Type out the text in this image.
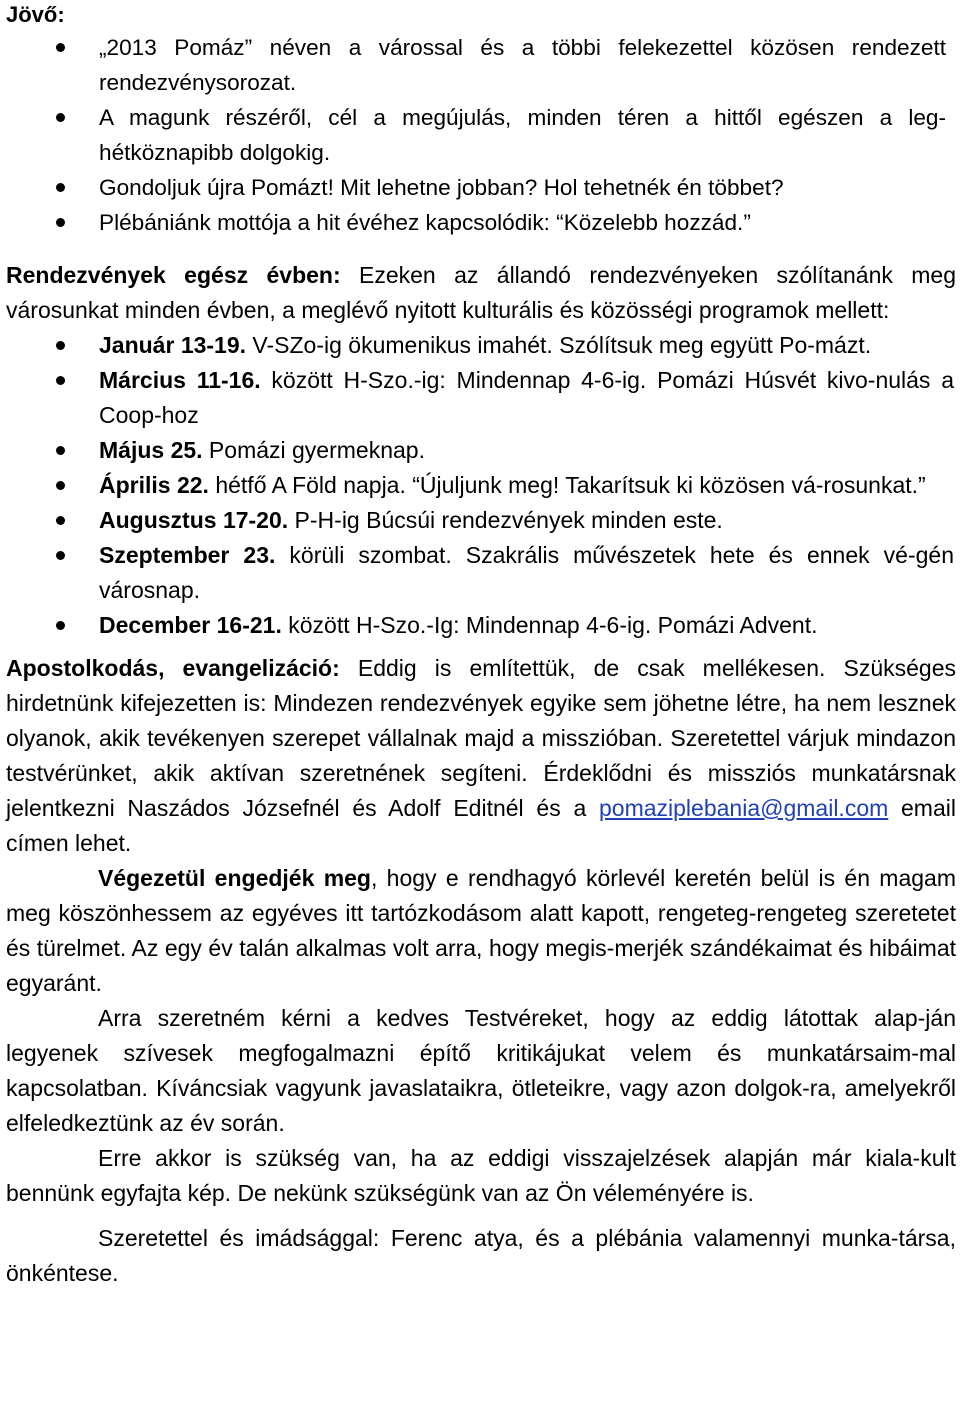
Jövő:
„2013 Pomáz” néven a várossal és a többi felekezettel közösen rendezett rendezvénysorozat.
A magunk részéről, cél a megújulás, minden téren a hittől egészen a leg-hétköznapibb dolgokig.
Gondoljuk újra Pomázt! Mit lehetne jobban? Hol tehetnék én többet?
Plébániánk mottója a hit évéhez kapcsolódik: “Közelebb hozzád.”

Rendezvények egész évben: Ezeken az állandó rendezvényeken szólítanánk meg városunkat minden évben, a meglévő nyitott kulturális és közösségi programok mellett:

Január 13-19. V-SZo-ig ökumenikus imahét. Szólítsuk meg együtt Po-mázt.
Március 11-16. között H-Szo.-ig: Mindennap 4-6-ig. Pomázi Húsvét kivo-nulás a Coop-hoz
Május 25. Pomázi gyermeknap.
Április 22. hétfő A Föld napja. “Újuljunk meg! Takarítsuk ki közösen vá-rosunkat.”
Augusztus 17-20. P-H-ig Búcsúi rendezvények minden este.
Szeptember 23. körüli szombat. Szakrális művészetek hete és ennek vé-gén városnap.
December 16-21. között H-Szo.-Ig: Mindennap 4-6-ig. Pomázi Advent.

Apostolkodás, evangelizáció: Eddig is említettük, de csak mellékesen. Szükséges hirdetnünk kifejezetten is: Mindezen rendezvények egyike sem jöhetne létre, ha nem lesznek olyanok, akik tevékenyen szerepet vállalnak majd a misszióban. Szeretettel várjuk mindazon testvérünket, akik aktívan szeretnének segíteni. Érdeklődni és missziós munkatársnak jelentkezni Naszádos Józsefnél és Adolf Editnél és a pomaziplebania@gmail.com email címen lehet.

Végezetül engedjék meg, hogy e rendhagyó körlevél keretén belül is én magam meg köszönhessem az egyéves itt tartózkodásom alatt kapott, rengeteg-rengeteg szeretetet és türelmet. Az egy év talán alkalmas volt arra, hogy megis-merjék szándékaimat és hibáimat egyaránt.

Arra szeretném kérni a kedves Testvéreket, hogy az eddig látottak alap-ján legyenek szívesek megfogalmazni építő kritikájukat velem és munkatársaim-mal kapcsolatban. Kíváncsiak vagyunk javaslataikra, ötleteikre, vagy azon dolgok-ra, amelyekről elfeledkeztünk az év során.

Erre akkor is szükség van, ha az eddigi visszajelzések alapján már kiala-kult bennünk egyfajta kép. De nekünk szükségünk van az Ön véleményére is.

Szeretettel és imádsággal: Ferenc atya, és a plébánia valamennyi munka-társa, önkéntese.
